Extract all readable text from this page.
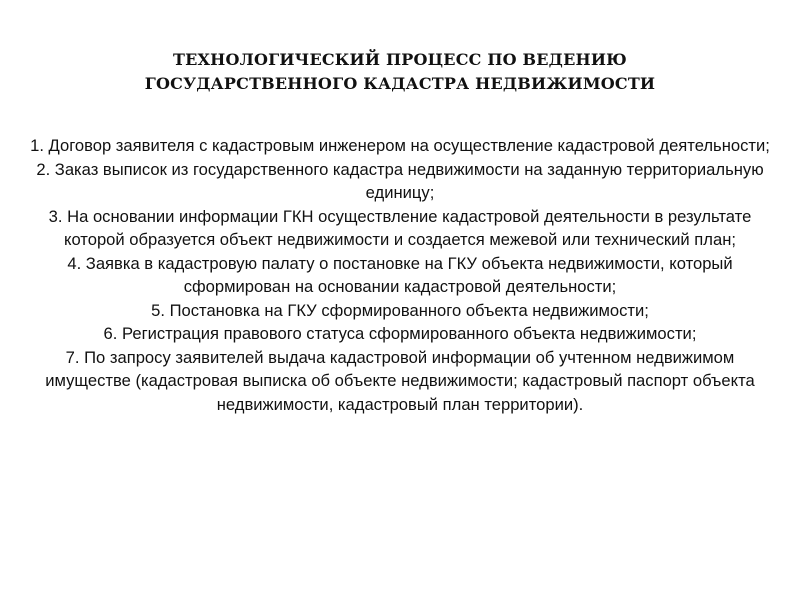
ТЕХНОЛОГИЧЕСКИЙ ПРОЦЕСС ПО ВЕДЕНИЮ
ГОСУДАРСТВЕННОГО КАДАСТРА НЕДВИЖИМОСТИ

1. Договор заявителя с кадастровым инженером на осуществление кадастровой деятельности;

2. Заказ выписок из государственного кадастра недвижимости на заданную территориальную единицу;

3. На основании информации ГКН осуществление кадастровой деятельности в результате которой образуется объект недвижимости и создается межевой или технический план;

4. Заявка в кадастровую палату о постановке на ГКУ объекта недвижимости, который сформирован на основании кадастровой деятельности;

5. Постановка на ГКУ сформированного объекта недвижимости;

6. Регистрация правового статуса сформированного объекта недвижимости;

7. По запросу заявителей выдача кадастровой информации об учтенном недвижимом имуществе (кадастровая выписка об объекте недвижимости; кадастровый паспорт объекта недвижимости, кадастровый план территории).
